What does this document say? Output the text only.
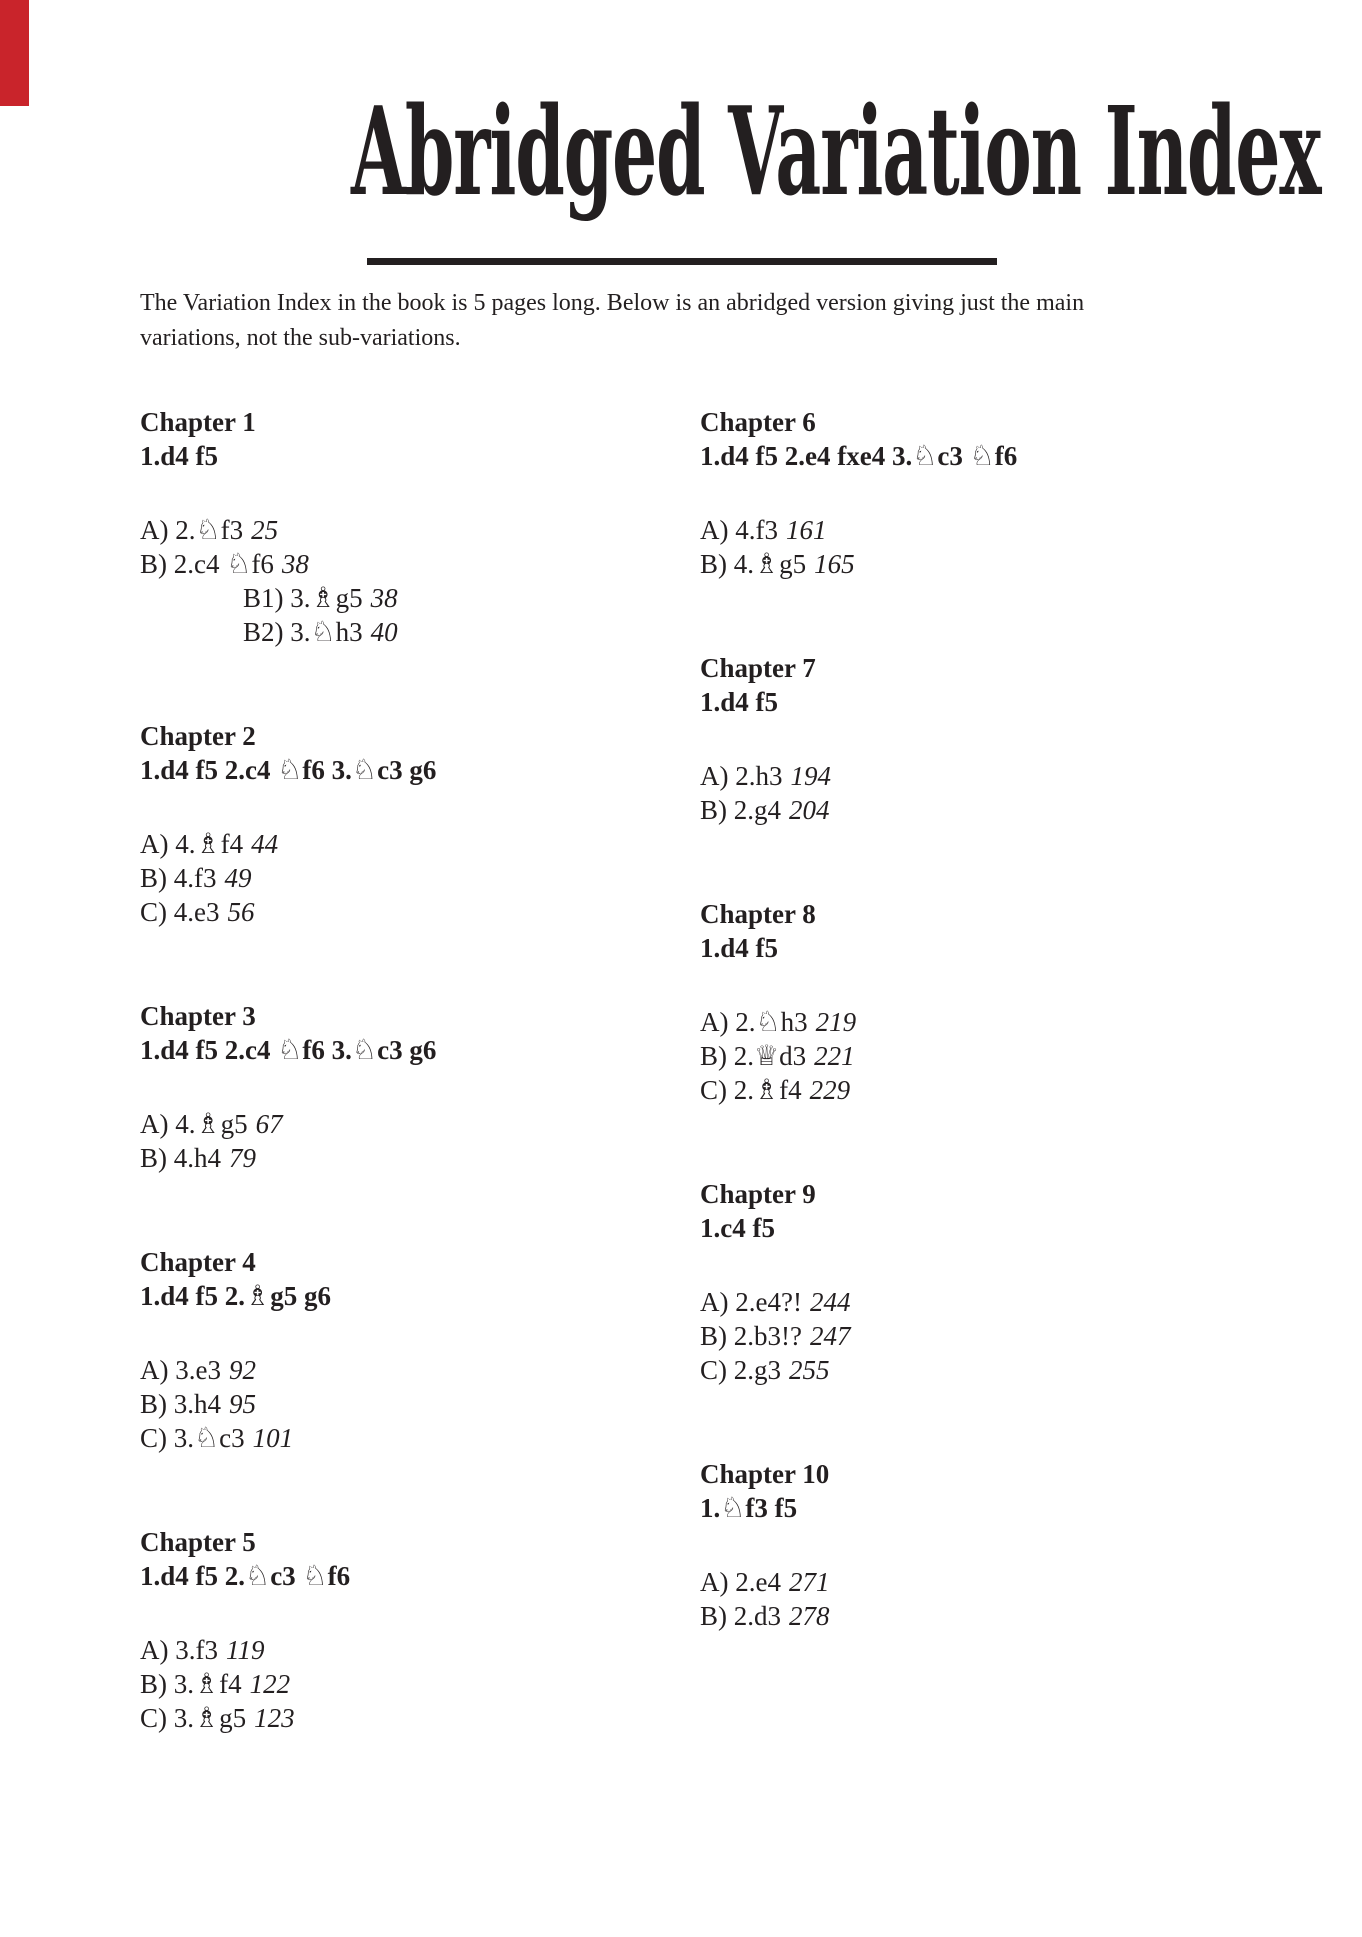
Abridged Variation Index
The Variation Index in the book is 5 pages long. Below is an abridged version giving just the main
variations, not the sub-variations.
Chapter 1
1.d4 f5
A) 2.♘f3 25
B) 2.c4 ♘f6 38
B1) 3.♗g5 38
B2) 3.♘h3 40
Chapter 2
1.d4 f5 2.c4 ♘f6 3.♘c3 g6
A) 4.♗f4 44
B) 4.f3 49
C) 4.e3 56
Chapter 3
1.d4 f5 2.c4 ♘f6 3.♘c3 g6
A) 4.♗g5 67
B) 4.h4 79
Chapter 4
1.d4 f5 2.♗g5 g6
A) 3.e3 92
B) 3.h4 95
C) 3.♘c3 101
Chapter 5
1.d4 f5 2.♘c3 ♘f6
A) 3.f3 119
B) 3.♗f4 122
C) 3.♗g5 123
Chapter 6
1.d4 f5 2.e4 fxe4 3.♘c3 ♘f6
A) 4.f3 161
B) 4.♗g5 165
Chapter 7
1.d4 f5
A) 2.h3 194
B) 2.g4 204
Chapter 8
1.d4 f5
A) 2.♘h3 219
B) 2.♕d3 221
C) 2.♗f4 229
Chapter 9
1.c4 f5
A) 2.e4?! 244
B) 2.b3!? 247
C) 2.g3 255
Chapter 10
1.♘f3 f5
A) 2.e4 271
B) 2.d3 278
